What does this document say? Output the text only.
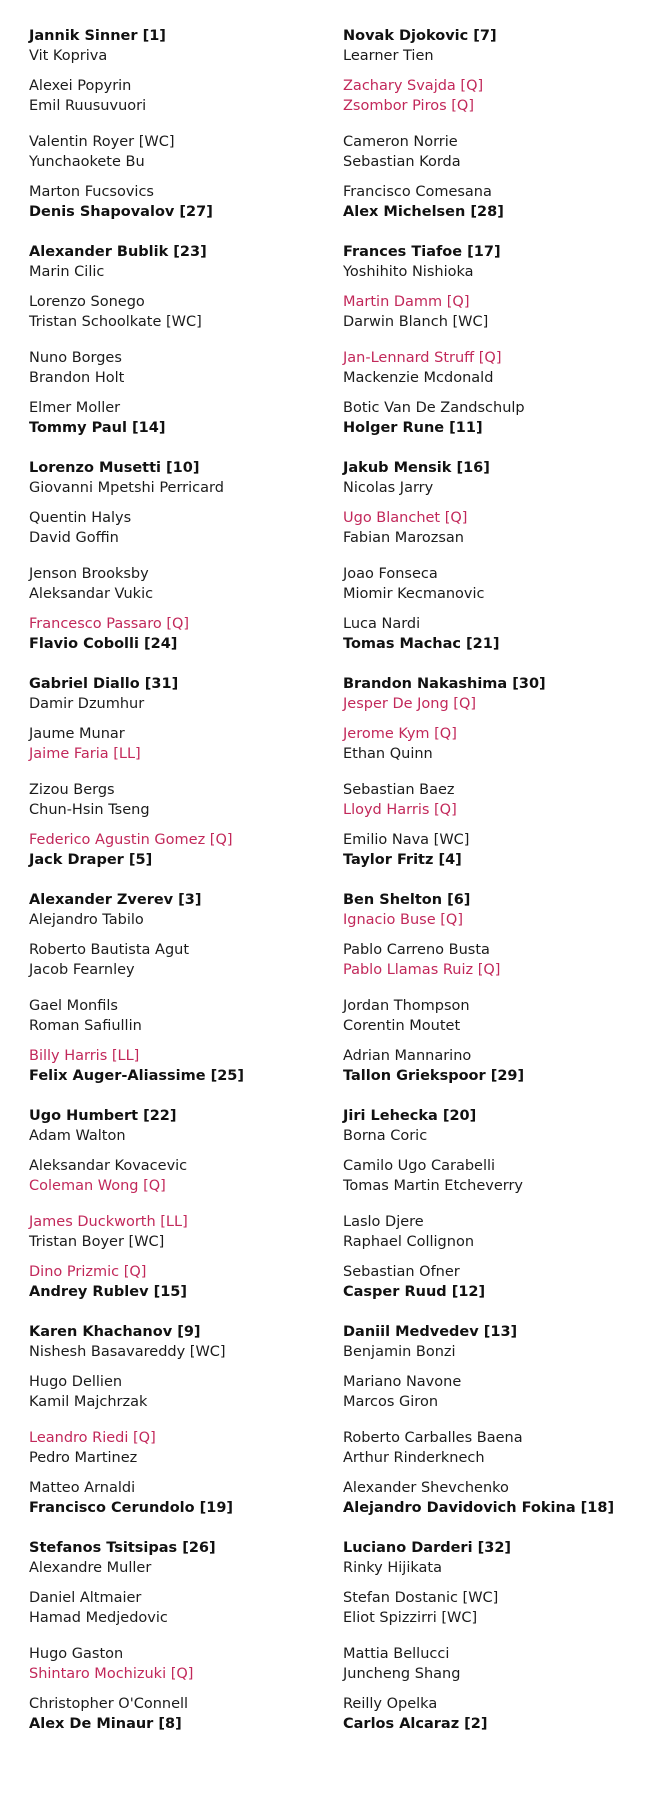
Jannik Sinner [1]
Vit Kopriva
Alexei Popyrin
Emil Ruusuvuori
Valentin Royer [WC]
Yunchaokete Bu
Marton Fucsovics
Denis Shapovalov [27]
Alexander Bublik [23]
Marin Cilic
Lorenzo Sonego
Tristan Schoolkate [WC]
Nuno Borges
Brandon Holt
Elmer Moller
Tommy Paul [14]
Lorenzo Musetti [10]
Giovanni Mpetshi Perricard
Quentin Halys
David Goffin
Jenson Brooksby
Aleksandar Vukic
Francesco Passaro [Q]
Flavio Cobolli [24]
Gabriel Diallo [31]
Damir Dzumhur
Jaume Munar
Jaime Faria [LL]
Zizou Bergs
Chun-Hsin Tseng
Federico Agustin Gomez [Q]
Jack Draper [5]
Alexander Zverev [3]
Alejandro Tabilo
Roberto Bautista Agut
Jacob Fearnley
Gael Monfils
Roman Safiullin
Billy Harris [LL]
Felix Auger-Aliassime [25]
Ugo Humbert [22]
Adam Walton
Aleksandar Kovacevic
Coleman Wong [Q]
James Duckworth [LL]
Tristan Boyer [WC]
Dino Prizmic [Q]
Andrey Rublev [15]
Karen Khachanov [9]
Nishesh Basavareddy [WC]
Hugo Dellien
Kamil Majchrzak
Leandro Riedi [Q]
Pedro Martinez
Matteo Arnaldi
Francisco Cerundolo [19]
Stefanos Tsitsipas [26]
Alexandre Muller
Daniel Altmaier
Hamad Medjedovic
Hugo Gaston
Shintaro Mochizuki [Q]
Christopher O'Connell
Alex De Minaur [8]
Novak Djokovic [7]
Learner Tien
Zachary Svajda [Q]
Zsombor Piros [Q]
Cameron Norrie
Sebastian Korda
Francisco Comesana
Alex Michelsen [28]
Frances Tiafoe [17]
Yoshihito Nishioka
Martin Damm [Q]
Darwin Blanch [WC]
Jan-Lennard Struff [Q]
Mackenzie Mcdonald
Botic Van De Zandschulp
Holger Rune [11]
Jakub Mensik [16]
Nicolas Jarry
Ugo Blanchet [Q]
Fabian Marozsan
Joao Fonseca
Miomir Kecmanovic
Luca Nardi
Tomas Machac [21]
Brandon Nakashima [30]
Jesper De Jong [Q]
Jerome Kym [Q]
Ethan Quinn
Sebastian Baez
Lloyd Harris [Q]
Emilio Nava [WC]
Taylor Fritz [4]
Ben Shelton [6]
Ignacio Buse [Q]
Pablo Carreno Busta
Pablo Llamas Ruiz [Q]
Jordan Thompson
Corentin Moutet
Adrian Mannarino
Tallon Griekspoor [29]
Jiri Lehecka [20]
Borna Coric
Camilo Ugo Carabelli
Tomas Martin Etcheverry
Laslo Djere
Raphael Collignon
Sebastian Ofner
Casper Ruud [12]
Daniil Medvedev [13]
Benjamin Bonzi
Mariano Navone
Marcos Giron
Roberto Carballes Baena
Arthur Rinderknech
Alexander Shevchenko
Alejandro Davidovich Fokina [18]
Luciano Darderi [32]
Rinky Hijikata
Stefan Dostanic [WC]
Eliot Spizzirri [WC]
Mattia Bellucci
Juncheng Shang
Reilly Opelka
Carlos Alcaraz [2]
